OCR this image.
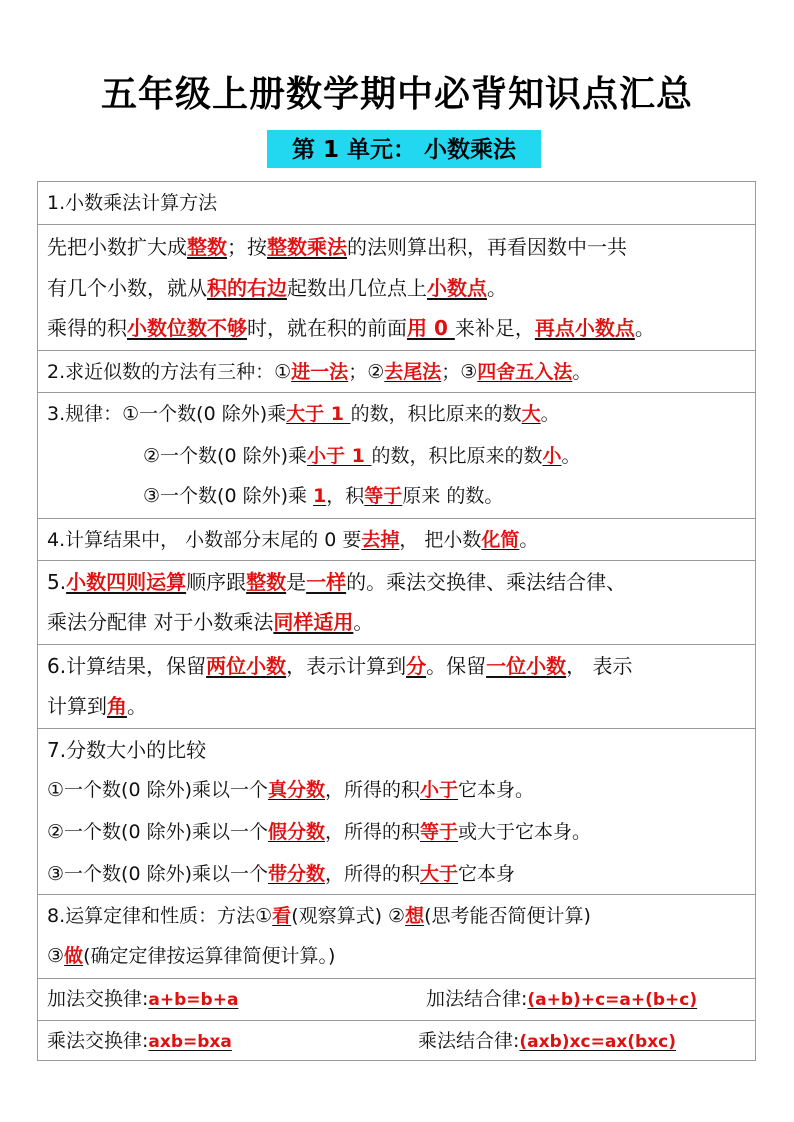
五年级上册数学期中必背知识点汇总
第 1 单元： 小数乘法
1.小数乘法计算方法
先把小数扩大成整数；按整数乘法的法则算出积，再看因数中一共
有几个小数，就从积的右边起数出几位点上小数点。
乘得的积小数位数不够时，就在积的前面用 0 来补足，再点小数点。
2.求近似数的方法有三种：①进一法；②去尾法；③四舍五入法。
3.规律：①一个数(0 除外)乘大于 1 的数，积比原来的数大。
②一个数(0 除外)乘小于 1 的数，积比原来的数小。
③一个数(0 除外)乘 1，积等于原来 的数。
4.计算结果中， 小数部分末尾的 0 要去掉， 把小数化简。
5.小数四则运算顺序跟整数是一样的。乘法交换律、乘法结合律、
乘法分配律 对于小数乘法同样适用。
6.计算结果，保留两位小数，表示计算到分。保留一位小数， 表示
计算到角。
7.分数大小的比较
①一个数(0 除外)乘以一个真分数，所得的积小于它本身。
②一个数(0 除外)乘以一个假分数，所得的积等于或大于它本身。
③一个数(0 除外)乘以一个带分数，所得的积大于它本身
8.运算定律和性质：方法①看(观察算式) ②想(思考能否简便计算)
③做(确定定律按运算律简便计算。)
加法交换律:a+b=b+a	加法结合律:(a+b)+c=a+(b+c)
乘法交换律:axb=bxa	乘法结合律:(axb)xc=ax(bxc)
